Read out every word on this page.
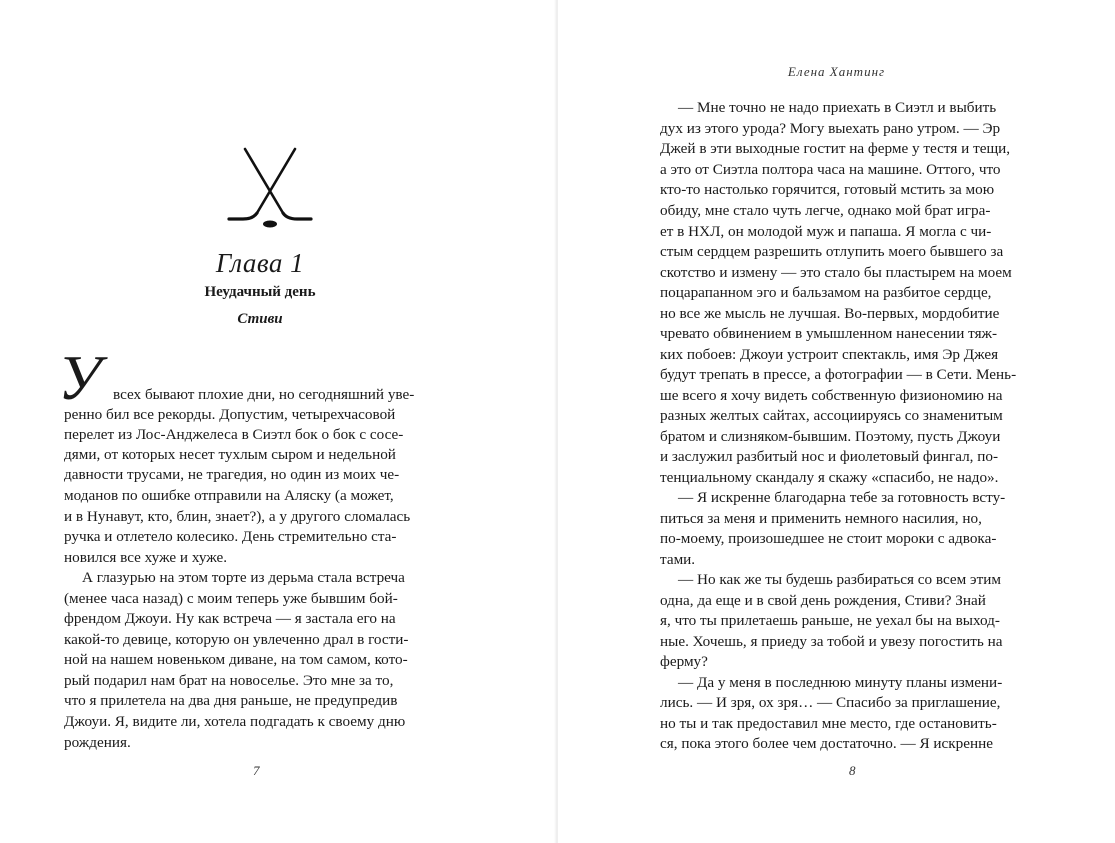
Глава 1
Неудачный день
Стиви
У всех бывают плохие дни, но сегодняшний уве-
ренно бил все рекорды. Допустим, четырехчасовой
перелет из Лос-Анджелеса в Сиэтл бок о бок с сосе-
дями, от которых несет тухлым сыром и недельной
давности трусами, не трагедия, но один из моих че-
моданов по ошибке отправили на Аляску (а может,
и в Нунавут, кто, блин, знает?), а у другого сломалась
ручка и отлетело колесико. День стремительно ста-
новился все хуже и хуже.
А глазурью на этом торте из дерьма стала встреча
(менее часа назад) с моим теперь уже бывшим бой-
френдом Джоуи. Ну как встреча — я застала его на
какой-то девице, которую он увлеченно драл в гости-
ной на нашем новеньком диване, на том самом, кото-
рый подарил нам брат на новоселье. Это мне за то,
что я прилетела на два дня раньше, не предупредив
Джоуи. Я, видите ли, хотела подгадать к своему дню
рождения.
7
Елена Хантинг
— Мне точно не надо приехать в Сиэтл и выбить
дух из этого урода? Могу выехать рано утром. — Эр
Джей в эти выходные гостит на ферме у тестя и тещи,
а это от Сиэтла полтора часа на машине. Оттого, что
кто-то настолько горячится, готовый мстить за мою
обиду, мне стало чуть легче, однако мой брат игра-
ет в НХЛ, он молодой муж и папаша. Я могла с чи-
стым сердцем разрешить отлупить моего бывшего за
скотство и измену — это стало бы пластырем на моем
поцарапанном эго и бальзамом на разбитое сердце,
но все же мысль не лучшая. Во-первых, мордобитие
чревато обвинением в умышленном нанесении тяж-
ких побоев: Джоуи устроит спектакль, имя Эр Джея
будут трепать в прессе, а фотографии — в Сети. Мень-
ше всего я хочу видеть собственную физиономию на
разных желтых сайтах, ассоциируясь со знаменитым
братом и слизняком-бывшим. Поэтому, пусть Джоуи
и заслужил разбитый нос и фиолетовый фингал, по-
тенциальному скандалу я скажу «спасибо, не надо».
— Я искренне благодарна тебе за готовность всту-
питься за меня и применить немного насилия, но,
по-моему, произошедшее не стоит мороки с адвока-
тами.
— Но как же ты будешь разбираться со всем этим
одна, да еще и в свой день рождения, Стиви? Знай
я, что ты прилетаешь раньше, не уехал бы на выход-
ные. Хочешь, я приеду за тобой и увезу погостить на
ферму?
— Да у меня в последнюю минуту планы измени-
лись. — И зря, ох зря… — Спасибо за приглашение,
но ты и так предоставил мне место, где остановить-
ся, пока этого более чем достаточно. — Я искренне
8
